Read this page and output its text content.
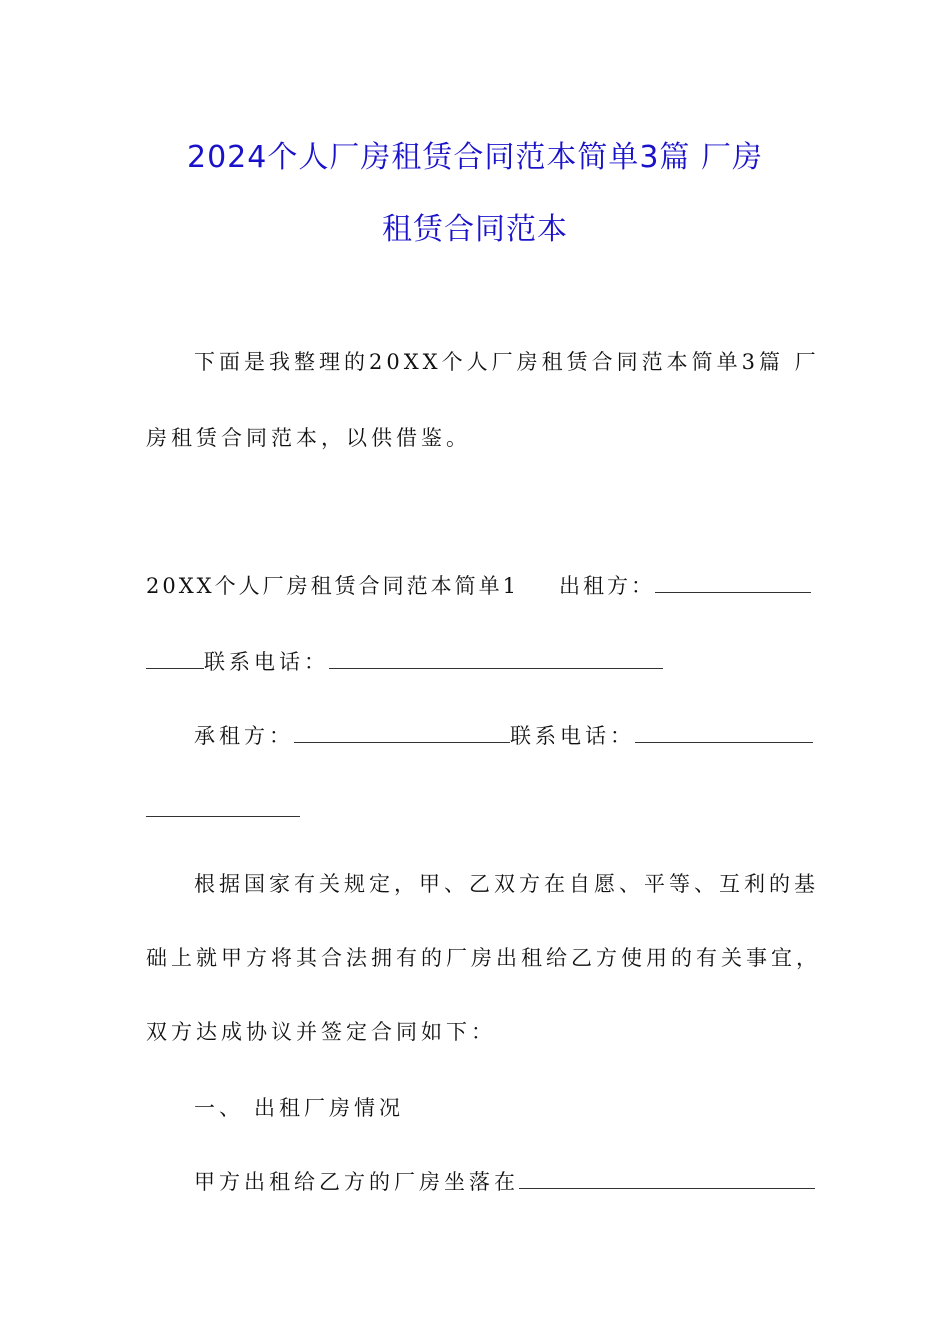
2024个人厂房租赁合同范本简单3篇 厂房
租赁合同范本
下面是我整理的20XX个人厂房租赁合同范本简单3篇 厂
房租赁合同范本，以供借鉴。
20XX个人厂房租赁合同范本简单1 出租方：
联系电话：
承租方：	联系电话：
根据国家有关规定，甲、乙双方在自愿、平等、互利的基
础上就甲方将其合法拥有的厂房出租给乙方使用的有关事宜，
双方达成协议并签定合同如下：
一、 出租厂房情况
甲方出租给乙方的厂房坐落在
